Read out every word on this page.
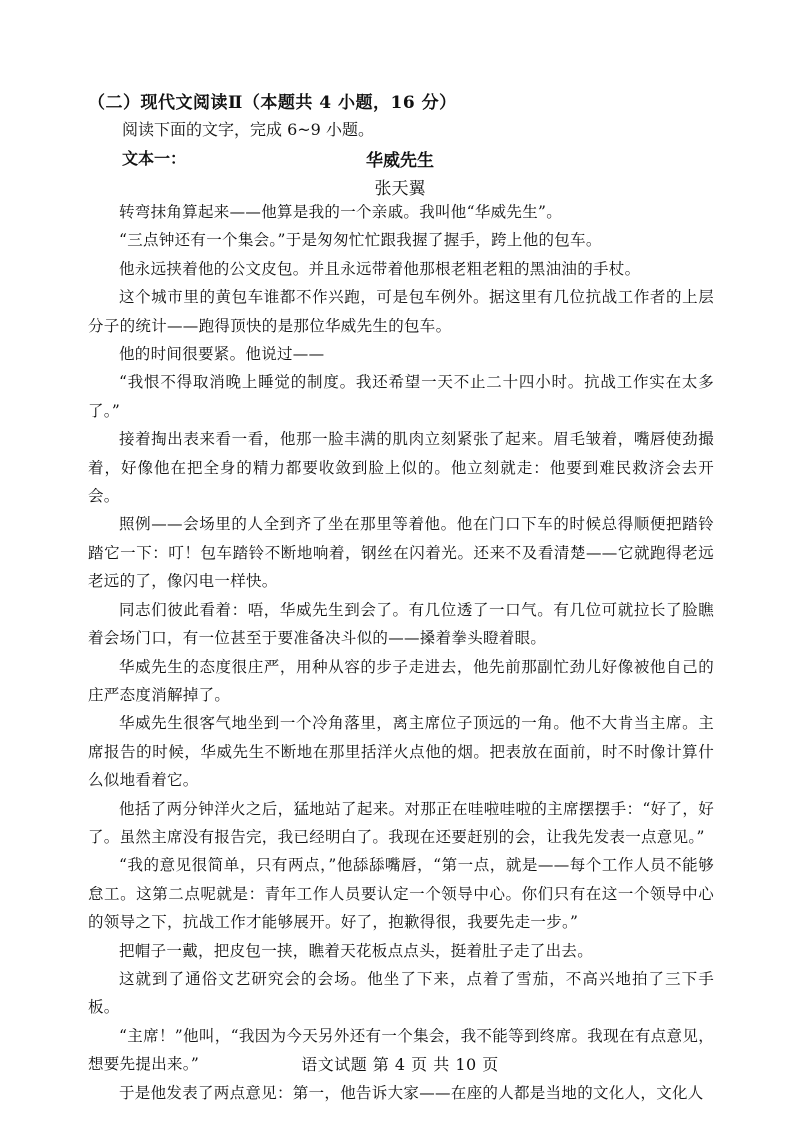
（二）现代文阅读Ⅱ（本题共 4 小题，16 分）
阅读下面的文字，完成 6~9 小题。
文本一：	华威先生
张天翼

转弯抹角算起来——他算是我的一个亲戚。我叫他“华威先生”。

“三点钟还有一个集会。”于是匆匆忙忙跟我握了握手，跨上他的包车。

他永远挟着他的公文皮包。并且永远带着他那根老粗老粗的黑油油的手杖。

这个城市里的黄包车谁都不作兴跑，可是包车例外。据这里有几位抗战工作者的上层分子的统计——跑得顶快的是那位华威先生的包车。

他的时间很要紧。他说过——

“我恨不得取消晚上睡觉的制度。我还希望一天不止二十四小时。抗战工作实在太多了。”

接着掏出表来看一看，他那一脸丰满的肌肉立刻紧张了起来。眉毛皱着，嘴唇使劲撮着，好像他在把全身的精力都要收敛到脸上似的。他立刻就走：他要到难民救济会去开会。

照例——会场里的人全到齐了坐在那里等着他。他在门口下车的时候总得顺便把踏铃踏它一下：叮！包车踏铃不断地响着，钢丝在闪着光。还来不及看清楚——它就跑得老远老远的了，像闪电一样快。

同志们彼此看着：唔，华威先生到会了。有几位透了一口气。有几位可就拉长了脸瞧着会场门口，有一位甚至于要准备决斗似的——搡着拳头瞪着眼。

华威先生的态度很庄严，用种从容的步子走进去，他先前那副忙劲儿好像被他自己的庄严态度消解掉了。

华威先生很客气地坐到一个冷角落里，离主席位子顶远的一角。他不大肯当主席。主席报告的时候，华威先生不断地在那里括洋火点他的烟。把表放在面前，时不时像计算什么似地看着它。

他括了两分钟洋火之后，猛地站了起来。对那正在哇啦哇啦的主席摆摆手：“好了，好了。虽然主席没有报告完，我已经明白了。我现在还要赶别的会，让我先发表一点意见。”

“我的意见很简单，只有两点，”他舔舔嘴唇，“第一点，就是——每个工作人员不能够怠工。这第二点呢就是：青年工作人员要认定一个领导中心。你们只有在这一个领导中心的领导之下，抗战工作才能够展开。好了，抱歉得很，我要先走一步。”

把帽子一戴，把皮包一挟，瞧着天花板点点头，挺着肚子走了出去。

这就到了通俗文艺研究会的会场。他坐了下来，点着了雪茄，不高兴地拍了三下手板。

“主席！”他叫，“我因为今天另外还有一个集会，我不能等到终席。我现在有点意见，想要先提出来。”

于是他发表了两点意见：第一，他告诉大家——在座的人都是当地的文化人，文化人

语文试题 第 4 页 共 10 页
